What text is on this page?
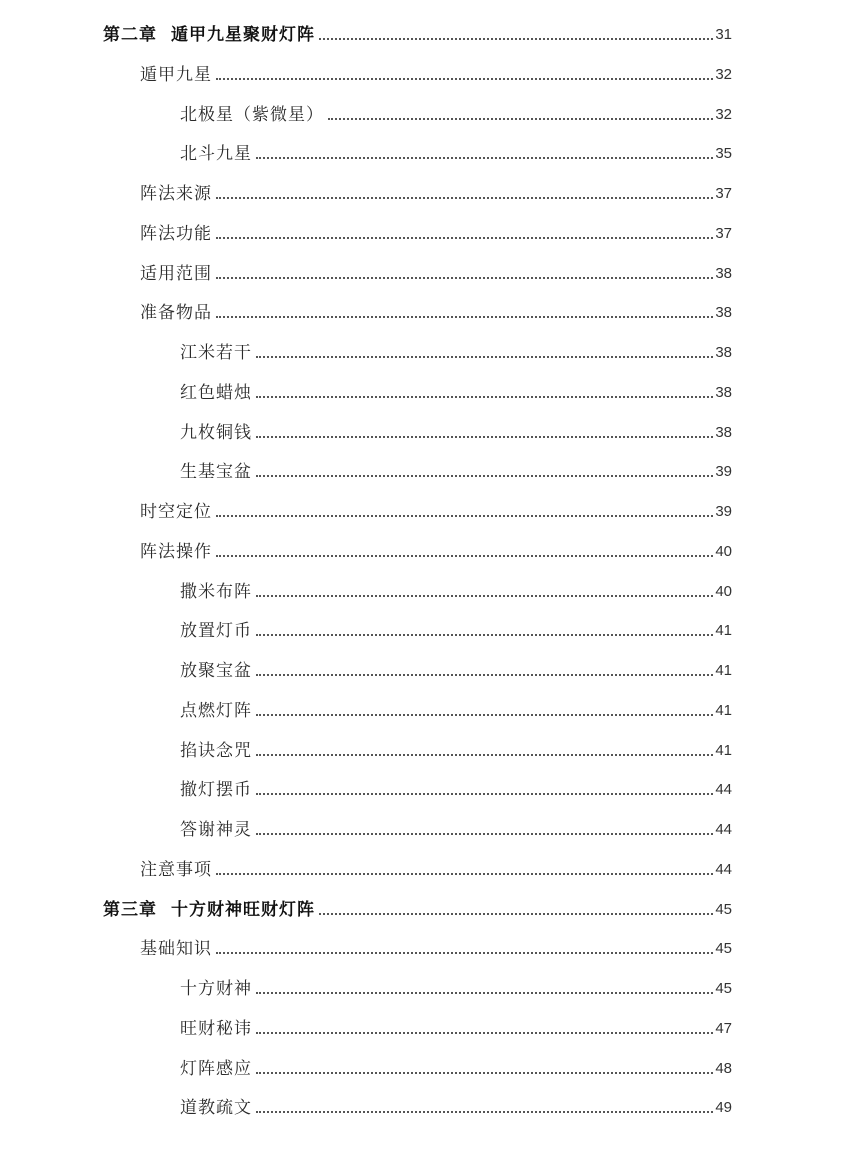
第二章 遁甲九星聚财灯阵	31
遁甲九星	32
北极星（紫微星）	32
北斗九星	35
阵法来源	37
阵法功能	37
适用范围	38
准备物品	38
江米若干	38
红色蜡烛	38
九枚铜钱	38
生基宝盆	39
时空定位	39
阵法操作	40
撒米布阵	40
放置灯币	41
放聚宝盆	41
点燃灯阵	41
掐诀念咒	41
撤灯摆币	44
答谢神灵	44
注意事项	44
第三章 十方财神旺财灯阵	45
基础知识	45
十方财神	45
旺财秘讳	47
灯阵感应	48
道教疏文	49
